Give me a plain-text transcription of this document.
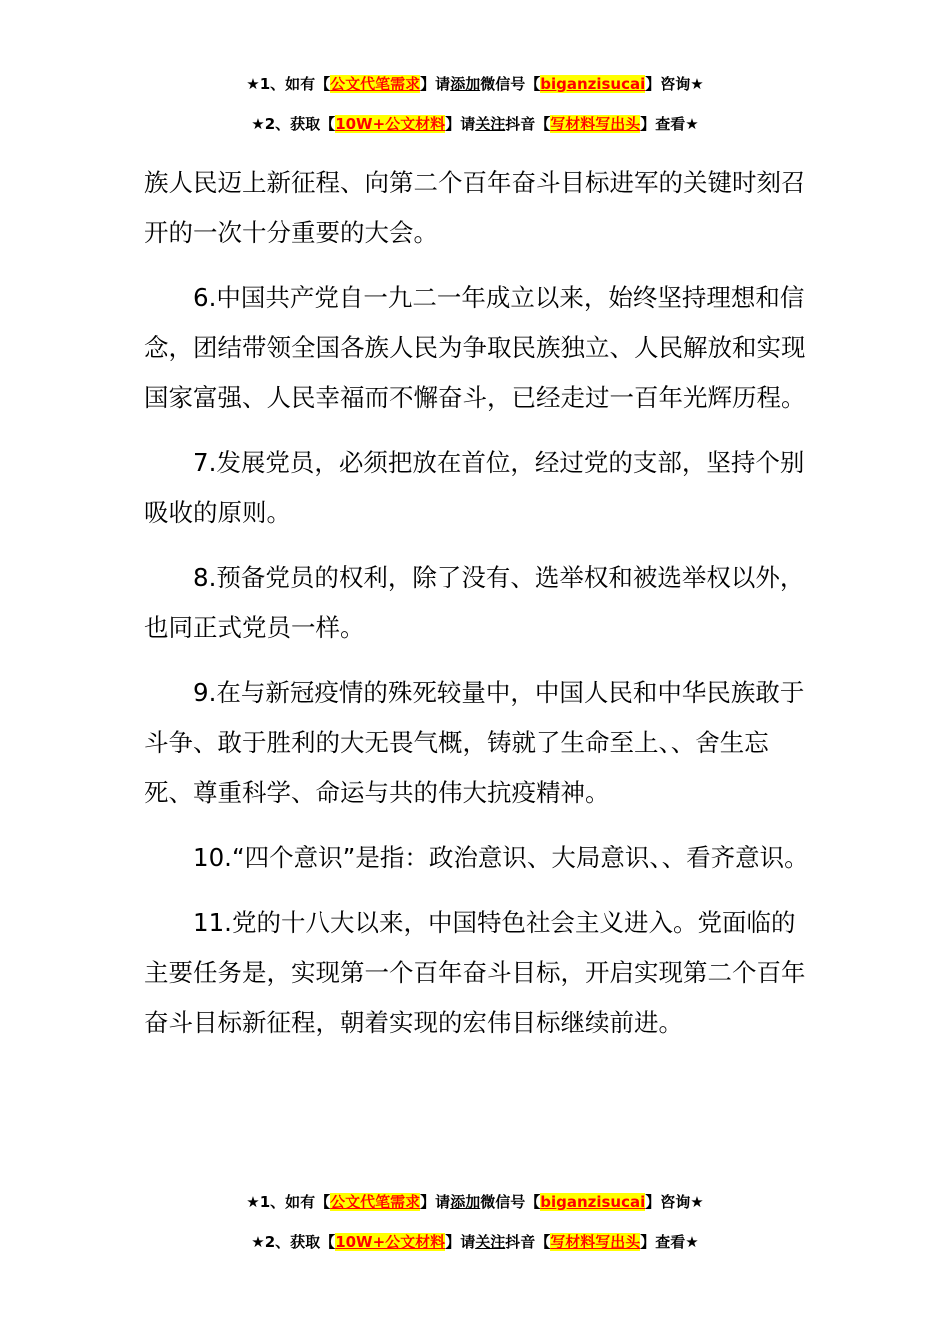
★1、如有【公文代笔需求】请添加微信号【biganzisucai】咨询★
★2、获取【10W+公文材料】请关注抖音【写材料写出头】查看★

族人民迈上新征程、向第二个百年奋斗目标进军的关键时刻召开的一次十分重要的大会。

6.中国共产党自一九二一年成立以来，始终坚持理想和信念，团结带领全国各族人民为争取民族独立、人民解放和实现国家富强、人民幸福而不懈奋斗，已经走过一百年光辉历程。

7.发展党员，必须把放在首位，经过党的支部，坚持个别吸收的原则。

8.预备党员的权利，除了没有、选举权和被选举权以外，也同正式党员一样。

9.在与新冠疫情的殊死较量中，中国人民和中华民族敢于斗争、敢于胜利的大无畏气概，铸就了生命至上、、舍生忘死、尊重科学、命运与共的伟大抗疫精神。

10.“四个意识”是指：政治意识、大局意识、、看齐意识。

11.党的十八大以来，中国特色社会主义进入。党面临的主要任务是，实现第一个百年奋斗目标，开启实现第二个百年奋斗目标新征程，朝着实现的宏伟目标继续前进。

★1、如有【公文代笔需求】请添加微信号【biganzisucai】咨询★
★2、获取【10W+公文材料】请关注抖音【写材料写出头】查看★
